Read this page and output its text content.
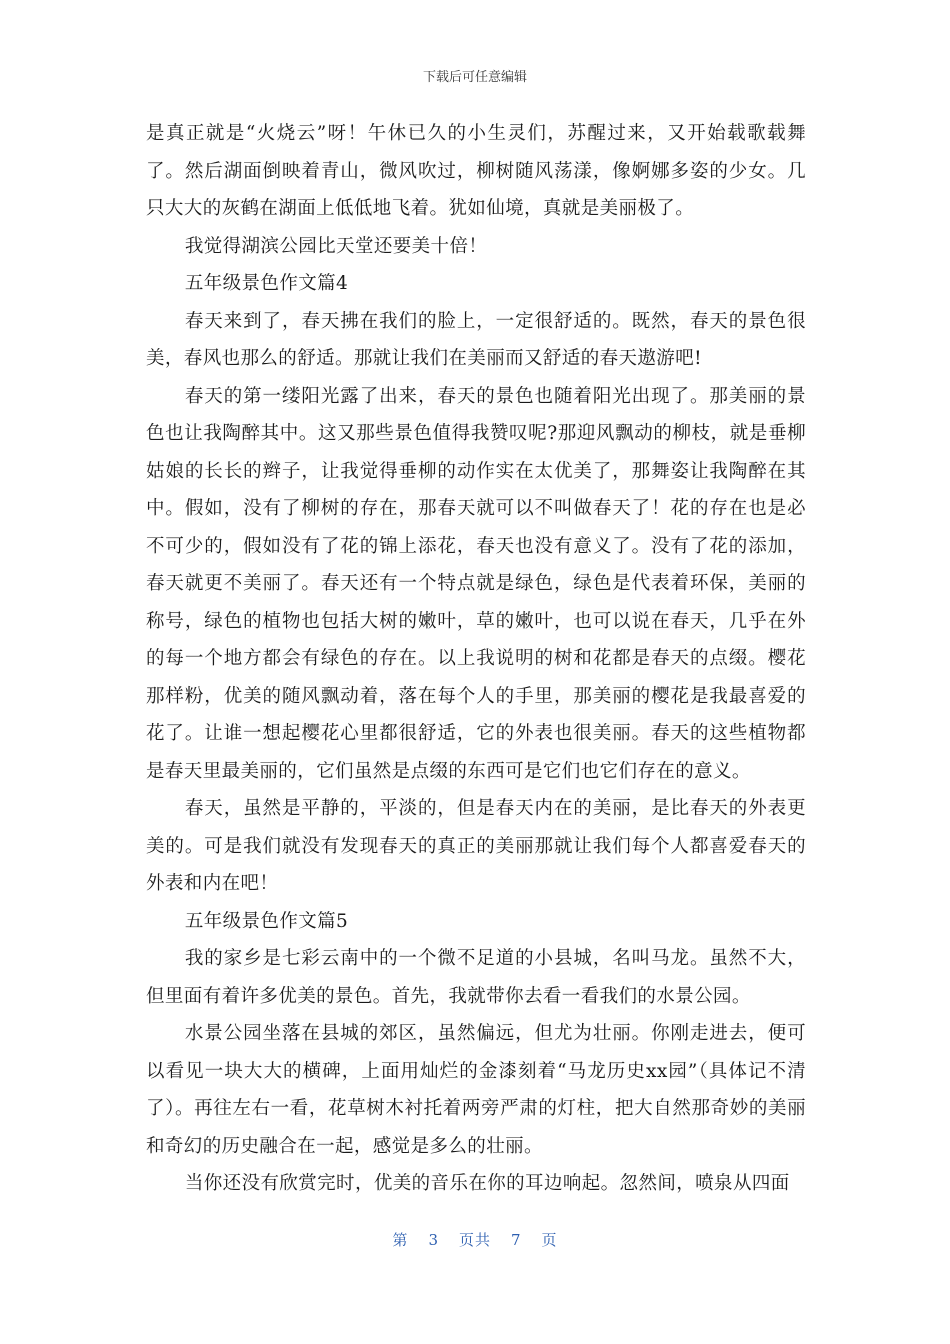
下载后可任意编辑

是真正就是“火烧云”呀！午休已久的小生灵们，苏醒过来，又开始载歌载舞了。然后湖面倒映着青山，微风吹过，柳树随风荡漾，像婀娜多姿的少女。几只大大的灰鹤在湖面上低低地飞着。犹如仙境，真就是美丽极了。

我觉得湖滨公园比天堂还要美十倍！

五年级景色作文篇4

春天来到了，春天拂在我们的脸上，一定很舒适的。既然，春天的景色很美，春风也那么的舒适。那就让我们在美丽而又舒适的春天遨游吧!

春天的第一缕阳光露了出来，春天的景色也随着阳光出现了。那美丽的景色也让我陶醉其中。这又那些景色值得我赞叹呢?那迎风飘动的柳枝，就是垂柳姑娘的长长的辫子，让我觉得垂柳的动作实在太优美了，那舞姿让我陶醉在其中。假如，没有了柳树的存在，那春天就可以不叫做春天了！花的存在也是必不可少的，假如没有了花的锦上添花，春天也没有意义了。没有了花的添加，春天就更不美丽了。春天还有一个特点就是绿色，绿色是代表着环保，美丽的称号，绿色的植物也包括大树的嫩叶，草的嫩叶，也可以说在春天，几乎在外的每一个地方都会有绿色的存在。以上我说明的树和花都是春天的点缀。樱花那样粉，优美的随风飘动着，落在每个人的手里，那美丽的樱花是我最喜爱的花了。让谁一想起樱花心里都很舒适，它的外表也很美丽。春天的这些植物都是春天里最美丽的，它们虽然是点缀的东西可是它们也它们存在的意义。

春天，虽然是平静的，平淡的，但是春天内在的美丽，是比春天的外表更美的。可是我们就没有发现春天的真正的美丽那就让我们每个人都喜爱春天的外表和内在吧！

五年级景色作文篇5

我的家乡是七彩云南中的一个微不足道的小县城，名叫马龙。虽然不大，但里面有着许多优美的景色。首先，我就带你去看一看我们的水景公园。

水景公园坐落在县城的郊区，虽然偏远，但尤为壮丽。你刚走进去，便可以看见一块大大的横碑，上面用灿烂的金漆刻着“马龙历史xx园”（具体记不清了）。再往左右一看，花草树木衬托着两旁严肃的灯柱，把大自然那奇妙的美丽和奇幻的历史融合在一起，感觉是多么的壮丽。

当你还没有欣赏完时，优美的音乐在你的耳边响起。忽然间，喷泉从四面

第 3 页共 7 页
